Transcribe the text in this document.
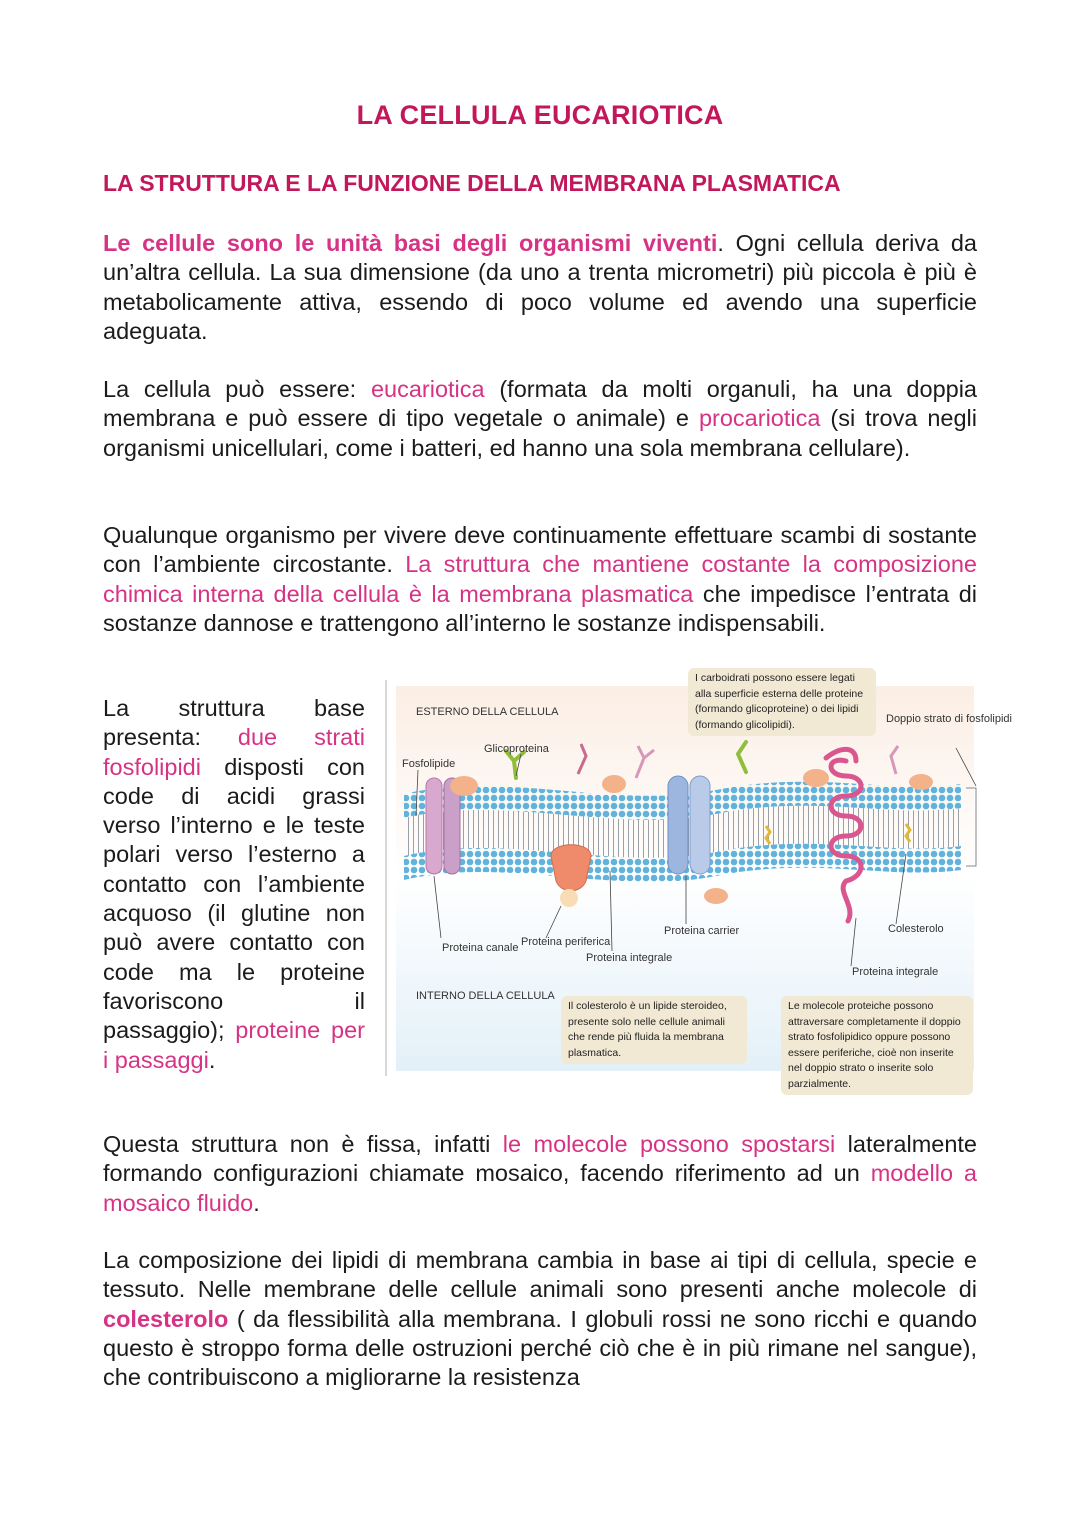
LA CELLULA EUCARIOTICA
LA STRUTTURA E LA FUNZIONE DELLA MEMBRANA PLASMATICA

Le cellule sono le unità basi degli organismi viventi. Ogni cellula deriva da un’altra cellula. La sua dimensione (da uno a trenta micrometri) più piccola è più è metabolicamente attiva, essendo di poco volume ed avendo una superficie adeguata.

La cellula può essere: eucariotica (formata da molti organuli, ha una doppia membrana e può essere di tipo vegetale o animale) e procariotica (si trova negli organismi unicellulari, come i batteri, ed hanno una sola membrana cellulare).

Qualunque organismo per vivere deve continuamente effettuare scambi di sostante con l’ambiente circostante. La struttura che mantiene costante la composizione chimica interna della cellula è la membrana plasmatica che impedisce l’entrata di sostanze dannose e trattengono all’interno le sostanze indispensabili.

La struttura base presenta: due strati fosfolipidi disposti con code di acidi grassi verso l’interno e le teste polari verso l’esterno a contatto con l’ambiente acquoso (il glutine non può avere contatto con code ma le proteine favoriscono il passaggio); proteine per i passaggi.

ESTERNO DELLA CELLULA
INTERNO DELLA CELLULA
Fosfolipide
Glicoproteina
Doppio strato di fosfolipidi
Proteina canale Proteina periferica
Proteina integrale
Proteina carrier	Colesterolo
Proteina integrale
I carboidrati possono essere legati alla superficie esterna delle proteine (formando glicoproteine) o dei lipidi (formando glicolipidi).
Il colesterolo è un lipide steroideo, presente solo nelle cellule animali che rende più fluida la membrana plasmatica.
Le molecole proteiche possono attraversare completamente il doppio strato fosfolipidico oppure possono essere periferiche, cioè non inserite nel doppio strato o inserite solo parzialmente.

Questa struttura non è fissa, infatti le molecole possono spostarsi lateralmente formando configurazioni chiamate mosaico, facendo riferimento ad un modello a mosaico fluido.

La composizione dei lipidi di membrana cambia in base ai tipi di cellula, specie e tessuto. Nelle membrane delle cellule animali sono presenti anche molecole di colesterolo ( da flessibilità alla membrana. I globuli rossi ne sono ricchi e quando questo è stroppo forma delle ostruzioni perché ciò che è in più rimane nel sangue), che contribuiscono a migliorarne la resistenza
